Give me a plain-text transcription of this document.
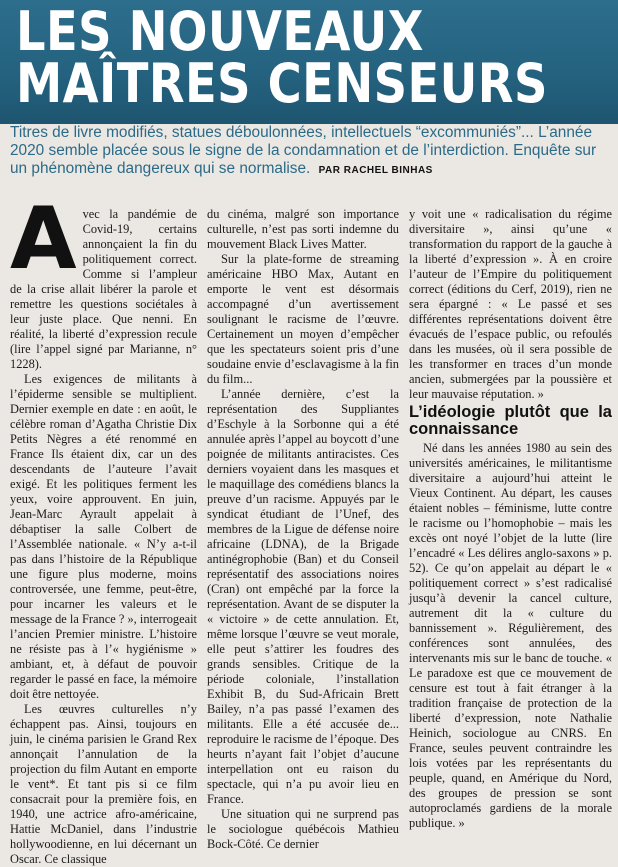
LES NOUVEAUX
MAÎTRES CENSEURS

Titres de livre modifiés, statues déboulonnées, intellectuels “excommuniés”... L’année 2020 semble placée sous le signe de la condamnation et de l’interdiction. Enquête sur un phénomène dangereux qui se normalise. PAR RACHEL BINHAS

Avec la pandémie de Covid-19, certains annonçaient la fin du politiquement correct. Comme si l’ampleur de la crise allait libérer la parole et remettre les questions sociétales à leur juste place. Que nenni. En réalité, la liberté d’expression recule (lire l’appel signé par Marianne, n° 1228).

Les exigences de militants à l’épiderme sensible se multiplient. Dernier exemple en date : en août, le célèbre roman d’Agatha Christie Dix Petits Nègres a été renommé en France Ils étaient dix, car un des descendants de l’auteure l’avait exigé. Et les politiques ferment les yeux, voire approuvent. En juin, Jean-Marc Ayrault appelait à débaptiser la salle Colbert de l’Assemblée nationale. « N’y a-t-il pas dans l’histoire de la République une figure plus moderne, moins controversée, une femme, peut-être, pour incarner les valeurs et le message de la France ? », interrogeait l’ancien Premier ministre. L’histoire ne résiste pas à l’« hygiénisme » ambiant, et, à défaut de pouvoir regarder le passé en face, la mémoire doit être nettoyée.

Les œuvres culturelles n’y échappent pas. Ainsi, toujours en juin, le cinéma parisien le Grand Rex annonçait l’annulation de la projection du film Autant en emporte le vent*. Et tant pis si ce film consacrait pour la première fois, en 1940, une actrice afro-américaine, Hattie McDaniel, dans l’industrie hollywoodienne, en lui décernant un Oscar. Ce classique

du cinéma, malgré son importance culturelle, n’est pas sorti indemne du mouvement Black Lives Matter.

Sur la plate-forme de streaming américaine HBO Max, Autant en emporte le vent est désormais accompagné d’un avertissement soulignant le racisme de l’œuvre. Certainement un moyen d’empêcher que les spectateurs soient pris d’une soudaine envie d’esclavagisme à la fin du film...

L’année dernière, c’est la représentation des Suppliantes d’Eschyle à la Sorbonne qui a été annulée après l’appel au boycott d’une poignée de militants antiracistes. Ces derniers voyaient dans les masques et le maquillage des comédiens blancs la preuve d’un racisme. Appuyés par le syndicat étudiant de l’Unef, des membres de la Ligue de défense noire africaine (LDNA), de la Brigade antinégrophobie (Ban) et du Conseil représentatif des associations noires (Cran) ont empêché par la force la représentation. Avant de se disputer la « victoire » de cette annulation. Et, même lorsque l’œuvre se veut morale, elle peut s’attirer les foudres des grands sensibles. Critique de la période coloniale, l’installation Exhibit B, du Sud-Africain Brett Bailey, n’a pas passé l’examen des militants. Elle a été accusée de... reproduire le racisme de l’époque. Des heurts n’ayant fait l’objet d’aucune interpellation ont eu raison du spectacle, qui n’a pu avoir lieu en France.

Une situation qui ne surprend pas le sociologue québécois Mathieu Bock-Côté. Ce dernier

y voit une « radicalisation du régime diversitaire », ainsi qu’une « transformation du rapport de la gauche à la liberté d’expression ». À en croire l’auteur de l’Empire du politiquement correct (éditions du Cerf, 2019), rien ne sera épargné : « Le passé et ses différentes représentations doivent être évacués de l’espace public, ou refoulés dans les musées, où il sera possible de les transformer en traces d’un monde ancien, submergées par la poussière et leur mauvaise réputation. »

L’idéologie plutôt que la connaissance

Né dans les années 1980 au sein des universités américaines, le militantisme diversitaire a aujourd’hui atteint le Vieux Continent. Au départ, les causes étaient nobles – féminisme, lutte contre le racisme ou l’homophobie – mais les excès ont noyé l’objet de la lutte (lire l’encadré « Les délires anglo-saxons » p. 52). Ce qu’on appelait au départ le « politiquement correct » s’est radicalisé jusqu’à devenir la cancel culture, autrement dit la « culture du bannissement ». Régulièrement, des conférences sont annulées, des intervenants mis sur le banc de touche. « Le paradoxe est que ce mouvement de censure est tout à fait étranger à la tradition française de protection de la liberté d’expression, note Nathalie Heinich, sociologue au CNRS. En France, seules peuvent contraindre les lois votées par les représentants du peuple, quand, en Amérique du Nord, des groupes de pression se sont autoproclamés gardiens de la morale publique. »
